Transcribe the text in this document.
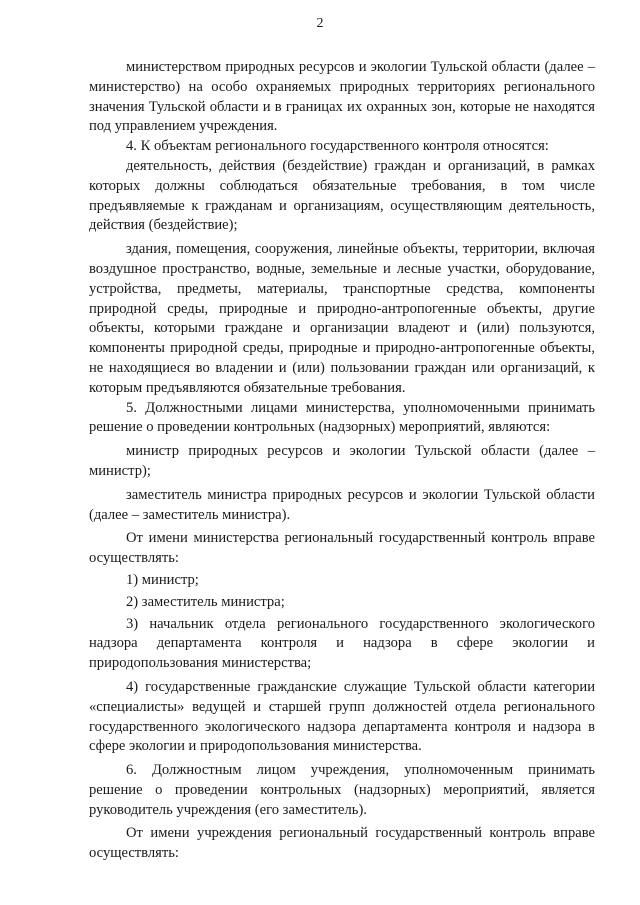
2

министерством природных ресурсов и экологии Тульской области (далее – министерство) на особо охраняемых природных территориях регионального значения Тульской области и в границах их охранных зон, которые не находятся под управлением учреждения.

4. К объектам регионального государственного контроля относятся:

деятельность, действия (бездействие) граждан и организаций, в рамках которых должны соблюдаться обязательные требования, в том числе предъявляемые к гражданам и организациям, осуществляющим деятельность, действия (бездействие);

здания, помещения, сооружения, линейные объекты, территории, включая воздушное пространство, водные, земельные и лесные участки, оборудование, устройства, предметы, материалы, транспортные средства, компоненты природной среды, природные и природно-антропогенные объекты, другие объекты, которыми граждане и организации владеют и (или) пользуются, компоненты природной среды, природные и природно-антропогенные объекты, не находящиеся во владении и (или) пользовании граждан или организаций, к которым предъявляются обязательные требования.

5. Должностными лицами министерства, уполномоченными принимать решение о проведении контрольных (надзорных) мероприятий, являются:

министр природных ресурсов и экологии Тульской области (далее – министр);

заместитель министра природных ресурсов и экологии Тульской области (далее – заместитель министра).

От имени министерства региональный государственный контроль вправе осуществлять:

1) министр;

2) заместитель министра;

3) начальник отдела регионального государственного экологического надзора департамента контроля и надзора в сфере экологии и природопользования министерства;

4) государственные гражданские служащие Тульской области категории «специалисты» ведущей и старшей групп должностей отдела регионального государственного экологического надзора департамента контроля и надзора в сфере экологии и природопользования министерства.

6. Должностным лицом учреждения, уполномоченным принимать решение о проведении контрольных (надзорных) мероприятий, является руководитель учреждения (его заместитель).

От имени учреждения региональный государственный контроль вправе осуществлять:
